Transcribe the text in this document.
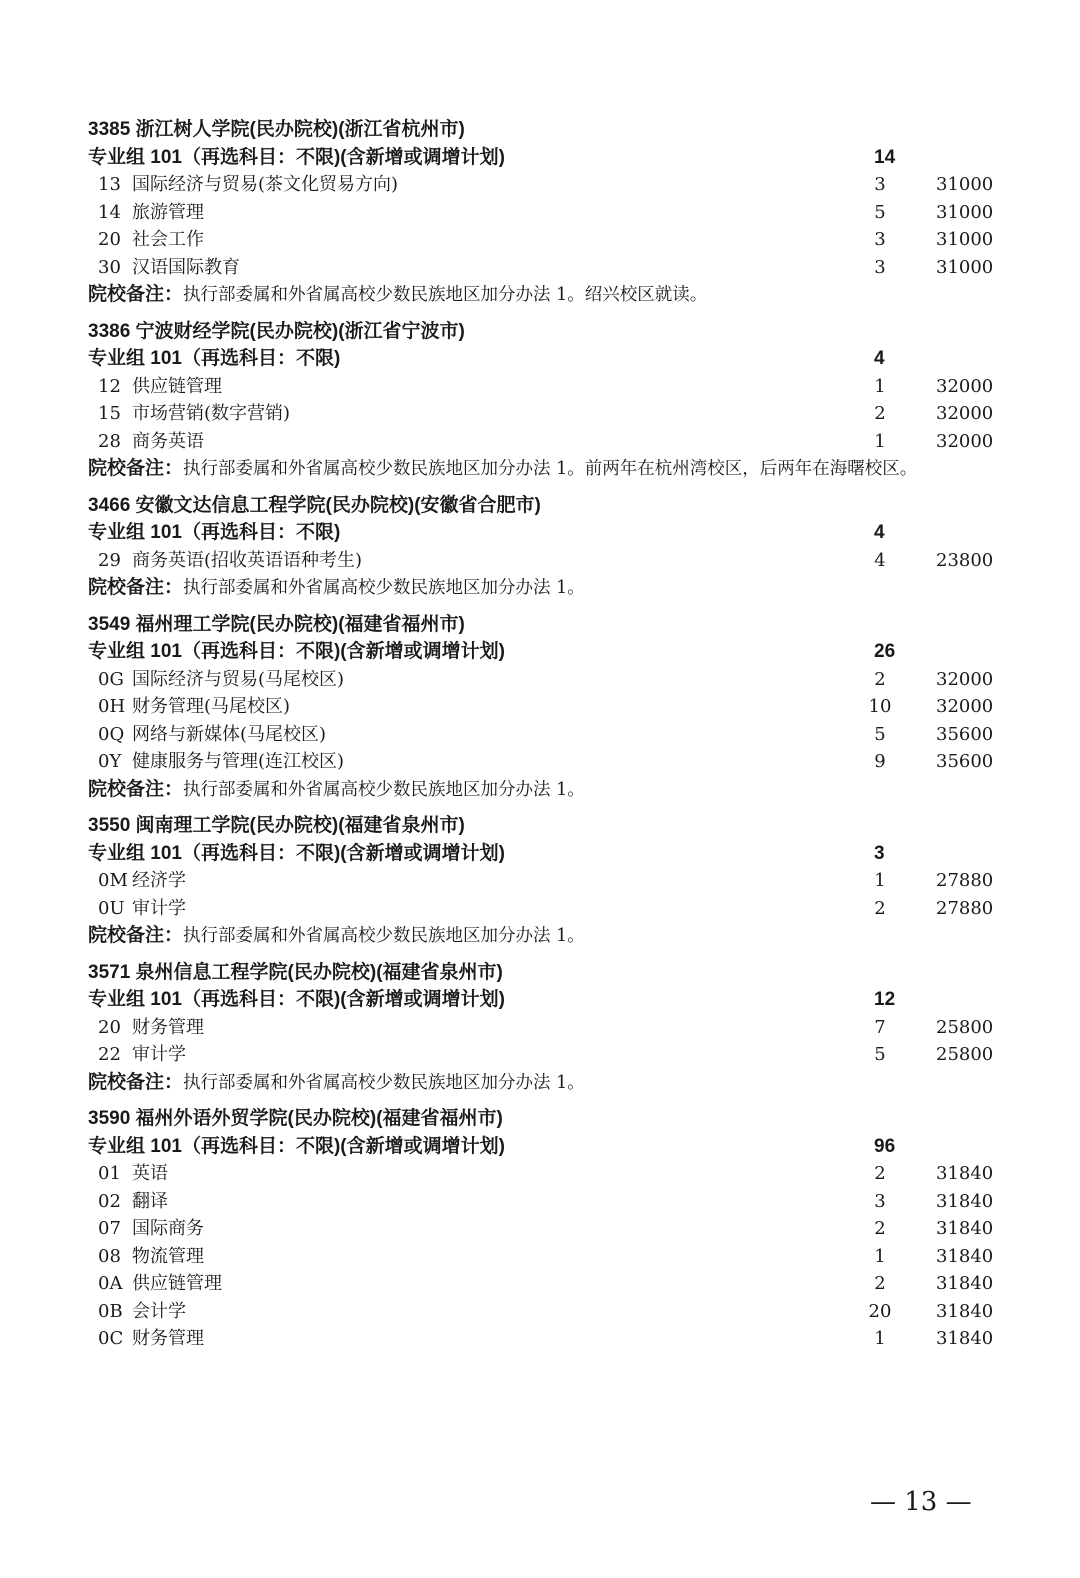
3385 浙江树人学院(民办院校)(浙江省杭州市)
专业组 101（再选科目：不限)(含新增或调增计划)	14
13 国际经济与贸易(茶文化贸易方向)	3	31000
14 旅游管理	5	31000
20 社会工作	3	31000
30 汉语国际教育	3	31000
院校备注：执行部委属和外省属高校少数民族地区加分办法 1。绍兴校区就读。
3386 宁波财经学院(民办院校)(浙江省宁波市)
专业组 101（再选科目：不限)	4
12 供应链管理	1	32000
15 市场营销(数字营销)	2	32000
28 商务英语	1	32000
院校备注：执行部委属和外省属高校少数民族地区加分办法 1。前两年在杭州湾校区，后两年在海曙校区。
3466 安徽文达信息工程学院(民办院校)(安徽省合肥市)
专业组 101（再选科目：不限)	4
29 商务英语(招收英语语种考生)	4	23800
院校备注：执行部委属和外省属高校少数民族地区加分办法 1。
3549 福州理工学院(民办院校)(福建省福州市)
专业组 101（再选科目：不限)(含新增或调增计划)	26
0G 国际经济与贸易(马尾校区)	2	32000
0H 财务管理(马尾校区)	10 32000
0Q 网络与新媒体(马尾校区)	5	35600
0Y 健康服务与管理(连江校区)	9	35600
院校备注：执行部委属和外省属高校少数民族地区加分办法 1。
3550 闽南理工学院(民办院校)(福建省泉州市)
专业组 101（再选科目：不限)(含新增或调增计划)	3
0M 经济学	1	27880
0U 审计学	2	27880
院校备注：执行部委属和外省属高校少数民族地区加分办法 1。
3571 泉州信息工程学院(民办院校)(福建省泉州市)
专业组 101（再选科目：不限)(含新增或调增计划)	12
20 财务管理	7	25800
22 审计学	5	25800
院校备注：执行部委属和外省属高校少数民族地区加分办法 1。
3590 福州外语外贸学院(民办院校)(福建省福州市)
专业组 101（再选科目：不限)(含新增或调增计划)	96
01 英语	2	31840
02 翻译	3	31840
07 国际商务	2	31840
08 物流管理	1	31840
0A 供应链管理	2	31840
0B 会计学	20 31840
0C 财务管理	1	31840
— 13 —
